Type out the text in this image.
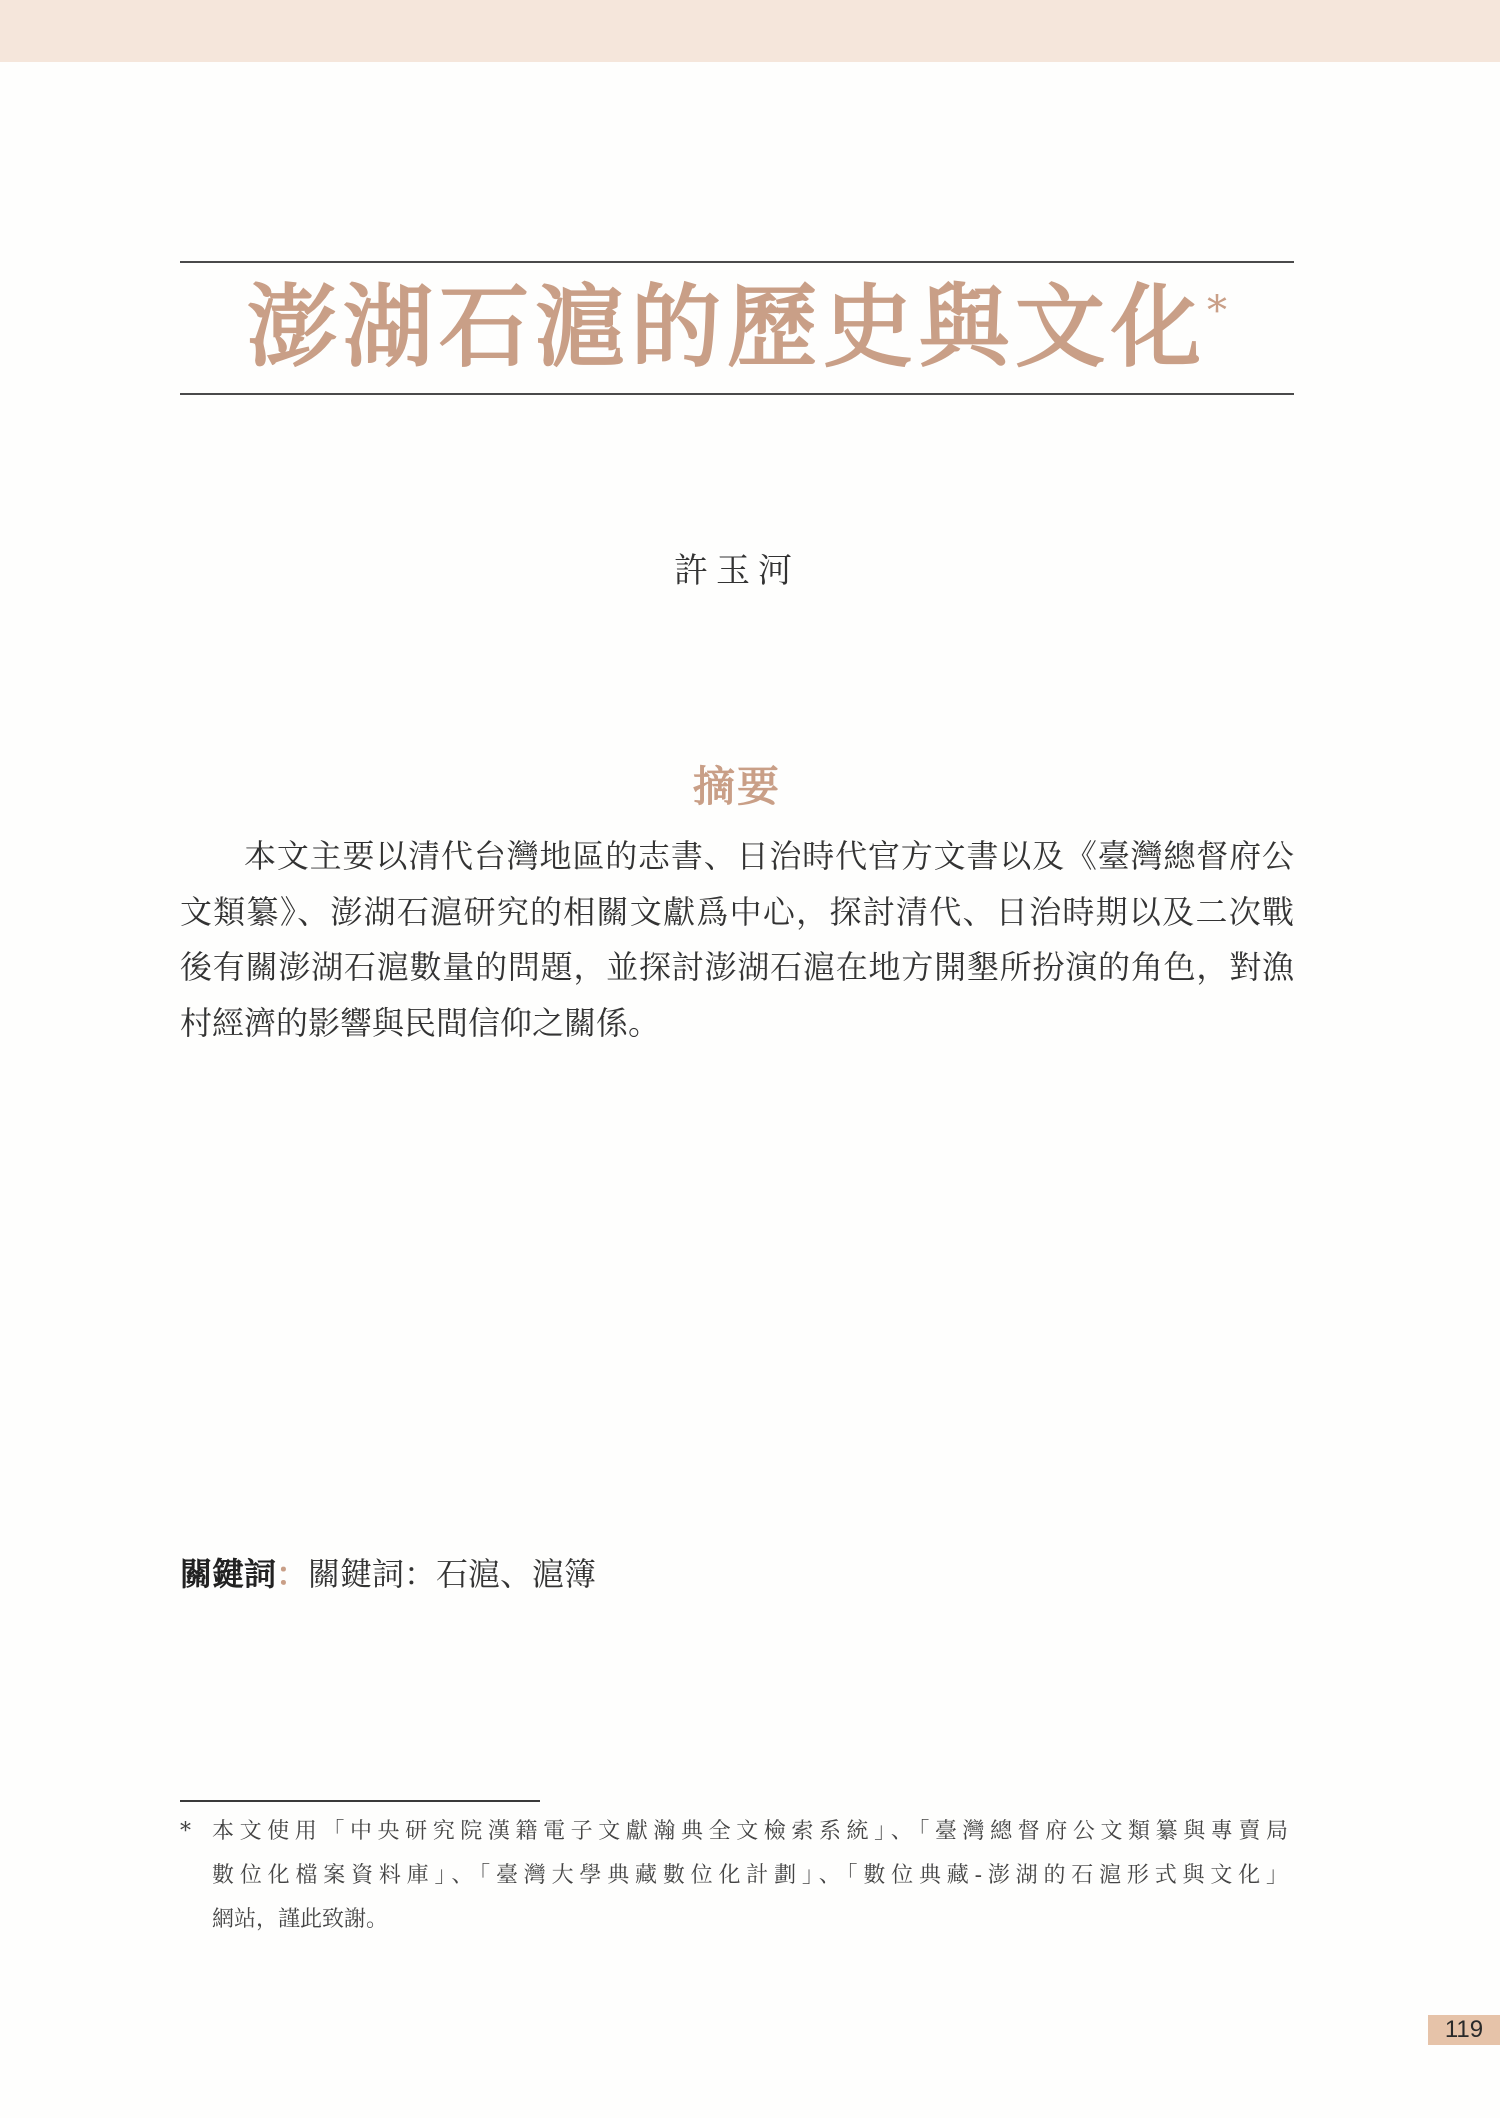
澎湖石滬的歷史與文化*
許玉河
摘要
本文主要以清代台灣地區的志書、日治時代官方文書以及《臺灣總督府公
文類纂》、澎湖石滬研究的相關文獻爲中心，探討清代、日治時期以及二次戰
後有關澎湖石滬數量的問題，並探討澎湖石滬在地方開墾所扮演的角色，對漁
村經濟的影響與民間信仰之關係。
關鍵詞：關鍵詞：石滬、滬簿
* 本文使用「中央研究院漢籍電子文獻瀚典全文檢索系統」、「臺灣總督府公文類纂與專賣局
數位化檔案資料庫」、「臺灣大學典藏數位化計劃」、「數位典藏-澎湖的石滬形式與文化」
網站，謹此致謝。
119
